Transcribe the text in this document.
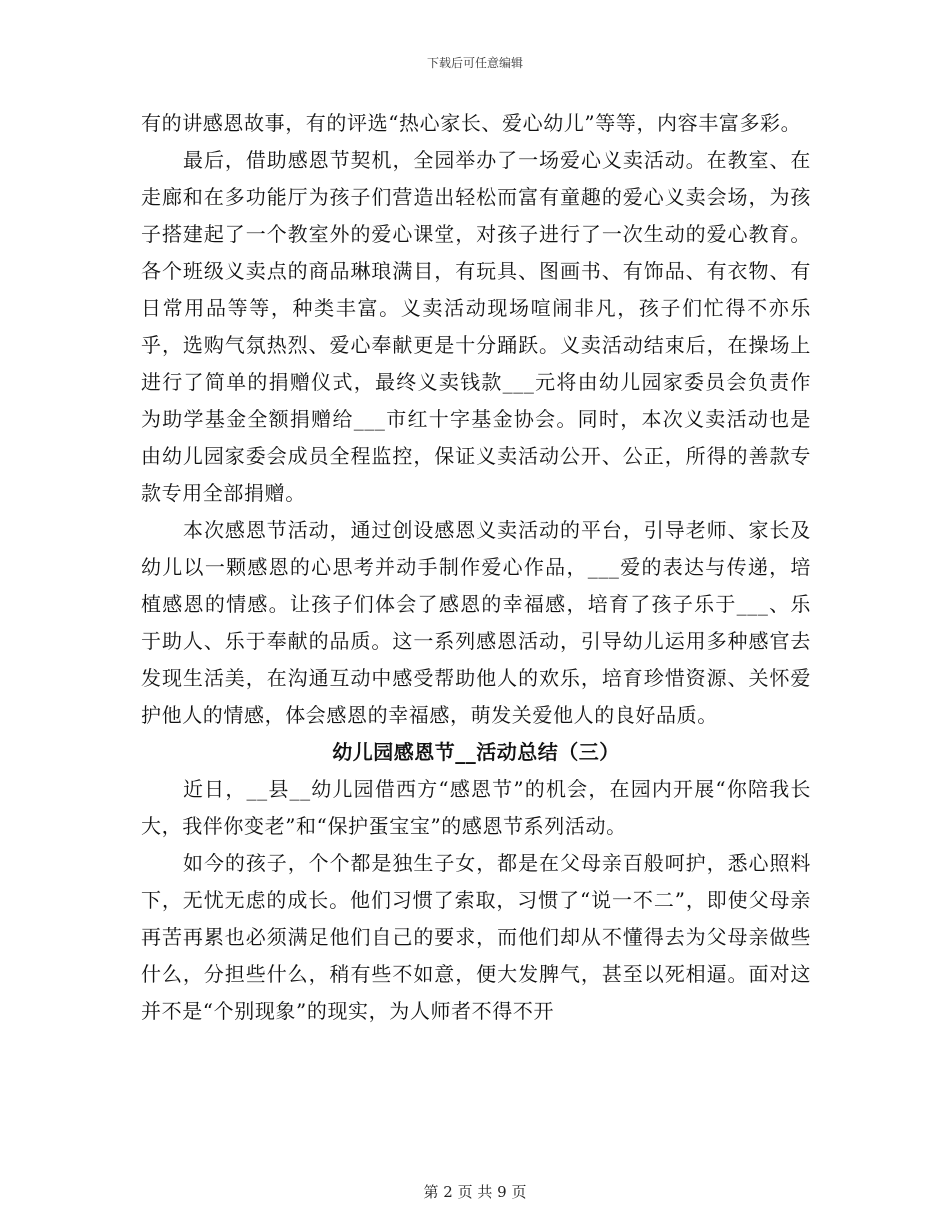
下载后可任意编辑

有的讲感恩故事，有的评选“热心家长、爱心幼儿”等等，内容丰富多彩。

最后，借助感恩节契机，全园举办了一场爱心义卖活动。在教室、在走廊和在多功能厅为孩子们营造出轻松而富有童趣的爱心义卖会场，为孩子搭建起了一个教室外的爱心课堂，对孩子进行了一次生动的爱心教育。各个班级义卖点的商品琳琅满目，有玩具、图画书、有饰品、有衣物、有日常用品等等，种类丰富。义卖活动现场喧闹非凡，孩子们忙得不亦乐乎，选购气氛热烈、爱心奉献更是十分踊跃。义卖活动结束后，在操场上进行了简单的捐赠仪式，最终义卖钱款___元将由幼儿园家委员会负责作为助学基金全额捐赠给___市红十字基金协会。同时，本次义卖活动也是由幼儿园家委会成员全程监控，保证义卖活动公开、公正，所得的善款专款专用全部捐赠。

本次感恩节活动，通过创设感恩义卖活动的平台，引导老师、家长及幼儿以一颗感恩的心思考并动手制作爱心作品，___爱的表达与传递，培植感恩的情感。让孩子们体会了感恩的幸福感，培育了孩子乐于___、乐于助人、乐于奉献的品质。这一系列感恩活动，引导幼儿运用多种感官去发现生活美，在沟通互动中感受帮助他人的欢乐，培育珍惜资源、关怀爱护他人的情感，体会感恩的幸福感，萌发关爱他人的良好品质。

幼儿园感恩节__活动总结（三）

近日，__县__幼儿园借西方“感恩节”的机会，在园内开展“你陪我长大，我伴你变老”和“保护蛋宝宝”的感恩节系列活动。

如今的孩子，个个都是独生子女，都是在父母亲百般呵护，悉心照料下，无忧无虑的成长。他们习惯了索取，习惯了“说一不二”，即使父母亲再苦再累也必须满足他们自己的要求，而他们却从不懂得去为父母亲做些什么，分担些什么，稍有些不如意，便大发脾气，甚至以死相逼。面对这并不是“个别现象”的现实，为人师者不得不开

第 2 页 共 9 页
